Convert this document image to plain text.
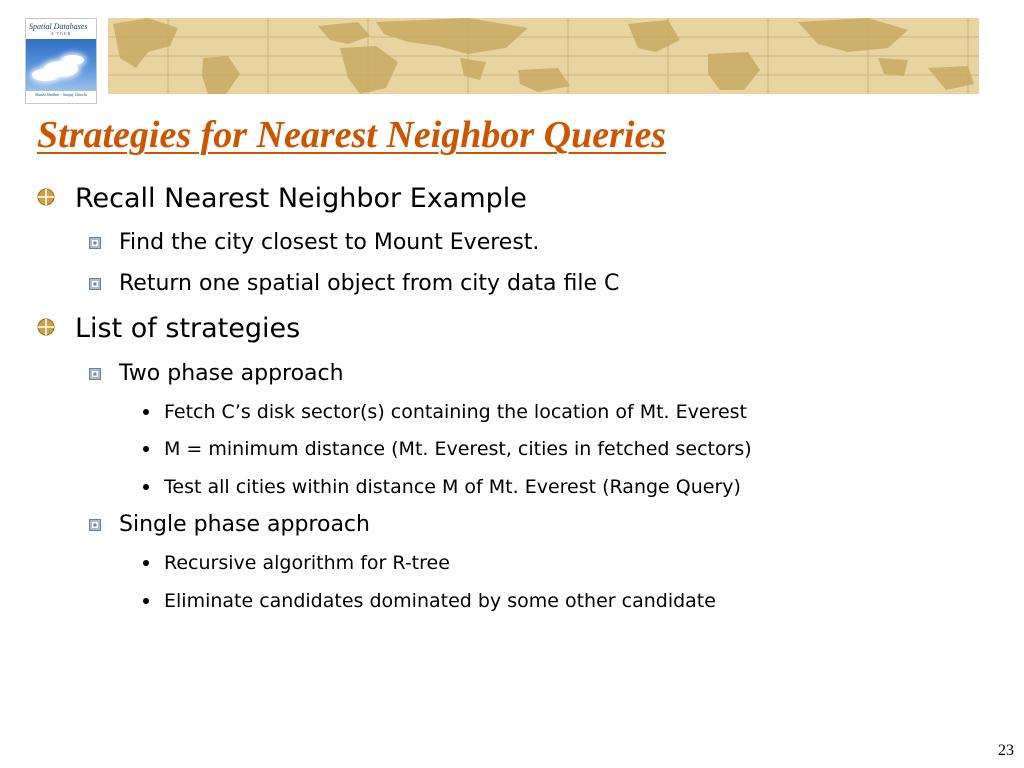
Spatial Databases
A TOUR
Shashi Shekhar · Sanjay Chawla
Strategies for Nearest Neighbor Queries
Recall Nearest Neighbor Example
Find the city closest to Mount Everest.
Return one spatial object from city data file C
List of strategies
Two phase approach
Fetch C’s disk sector(s) containing the location of Mt. Everest
M = minimum distance (Mt. Everest, cities in fetched sectors)
Test all cities within distance M of Mt. Everest (Range Query)
Single phase approach
Recursive algorithm for R-tree
Eliminate candidates dominated by some other candidate
23
